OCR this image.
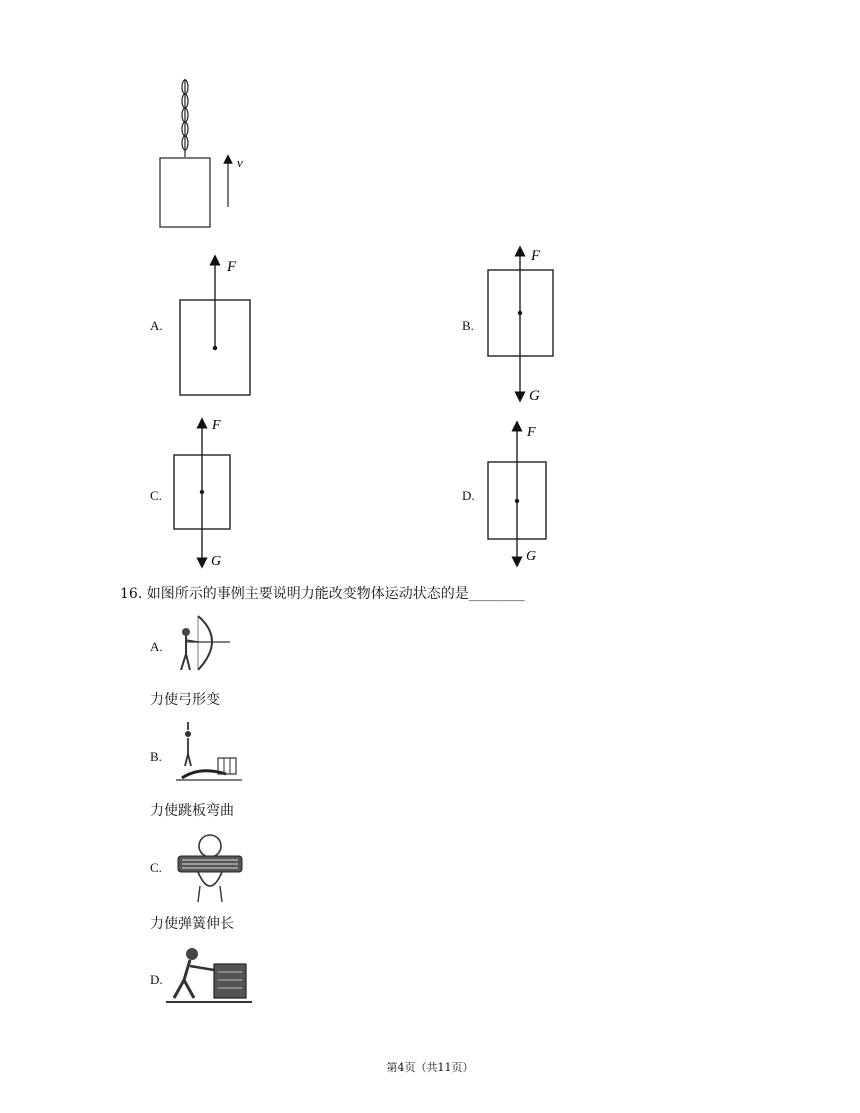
v
A.
F
B.
F
G
C.
F
G
D.
F
G
16. 如图所示的事例主要说明力能改变物体运动状态的是________
A.
力使弓形变
B.
力使跳板弯曲
C.
力使弹簧伸长
D.
第4页（共11页）
